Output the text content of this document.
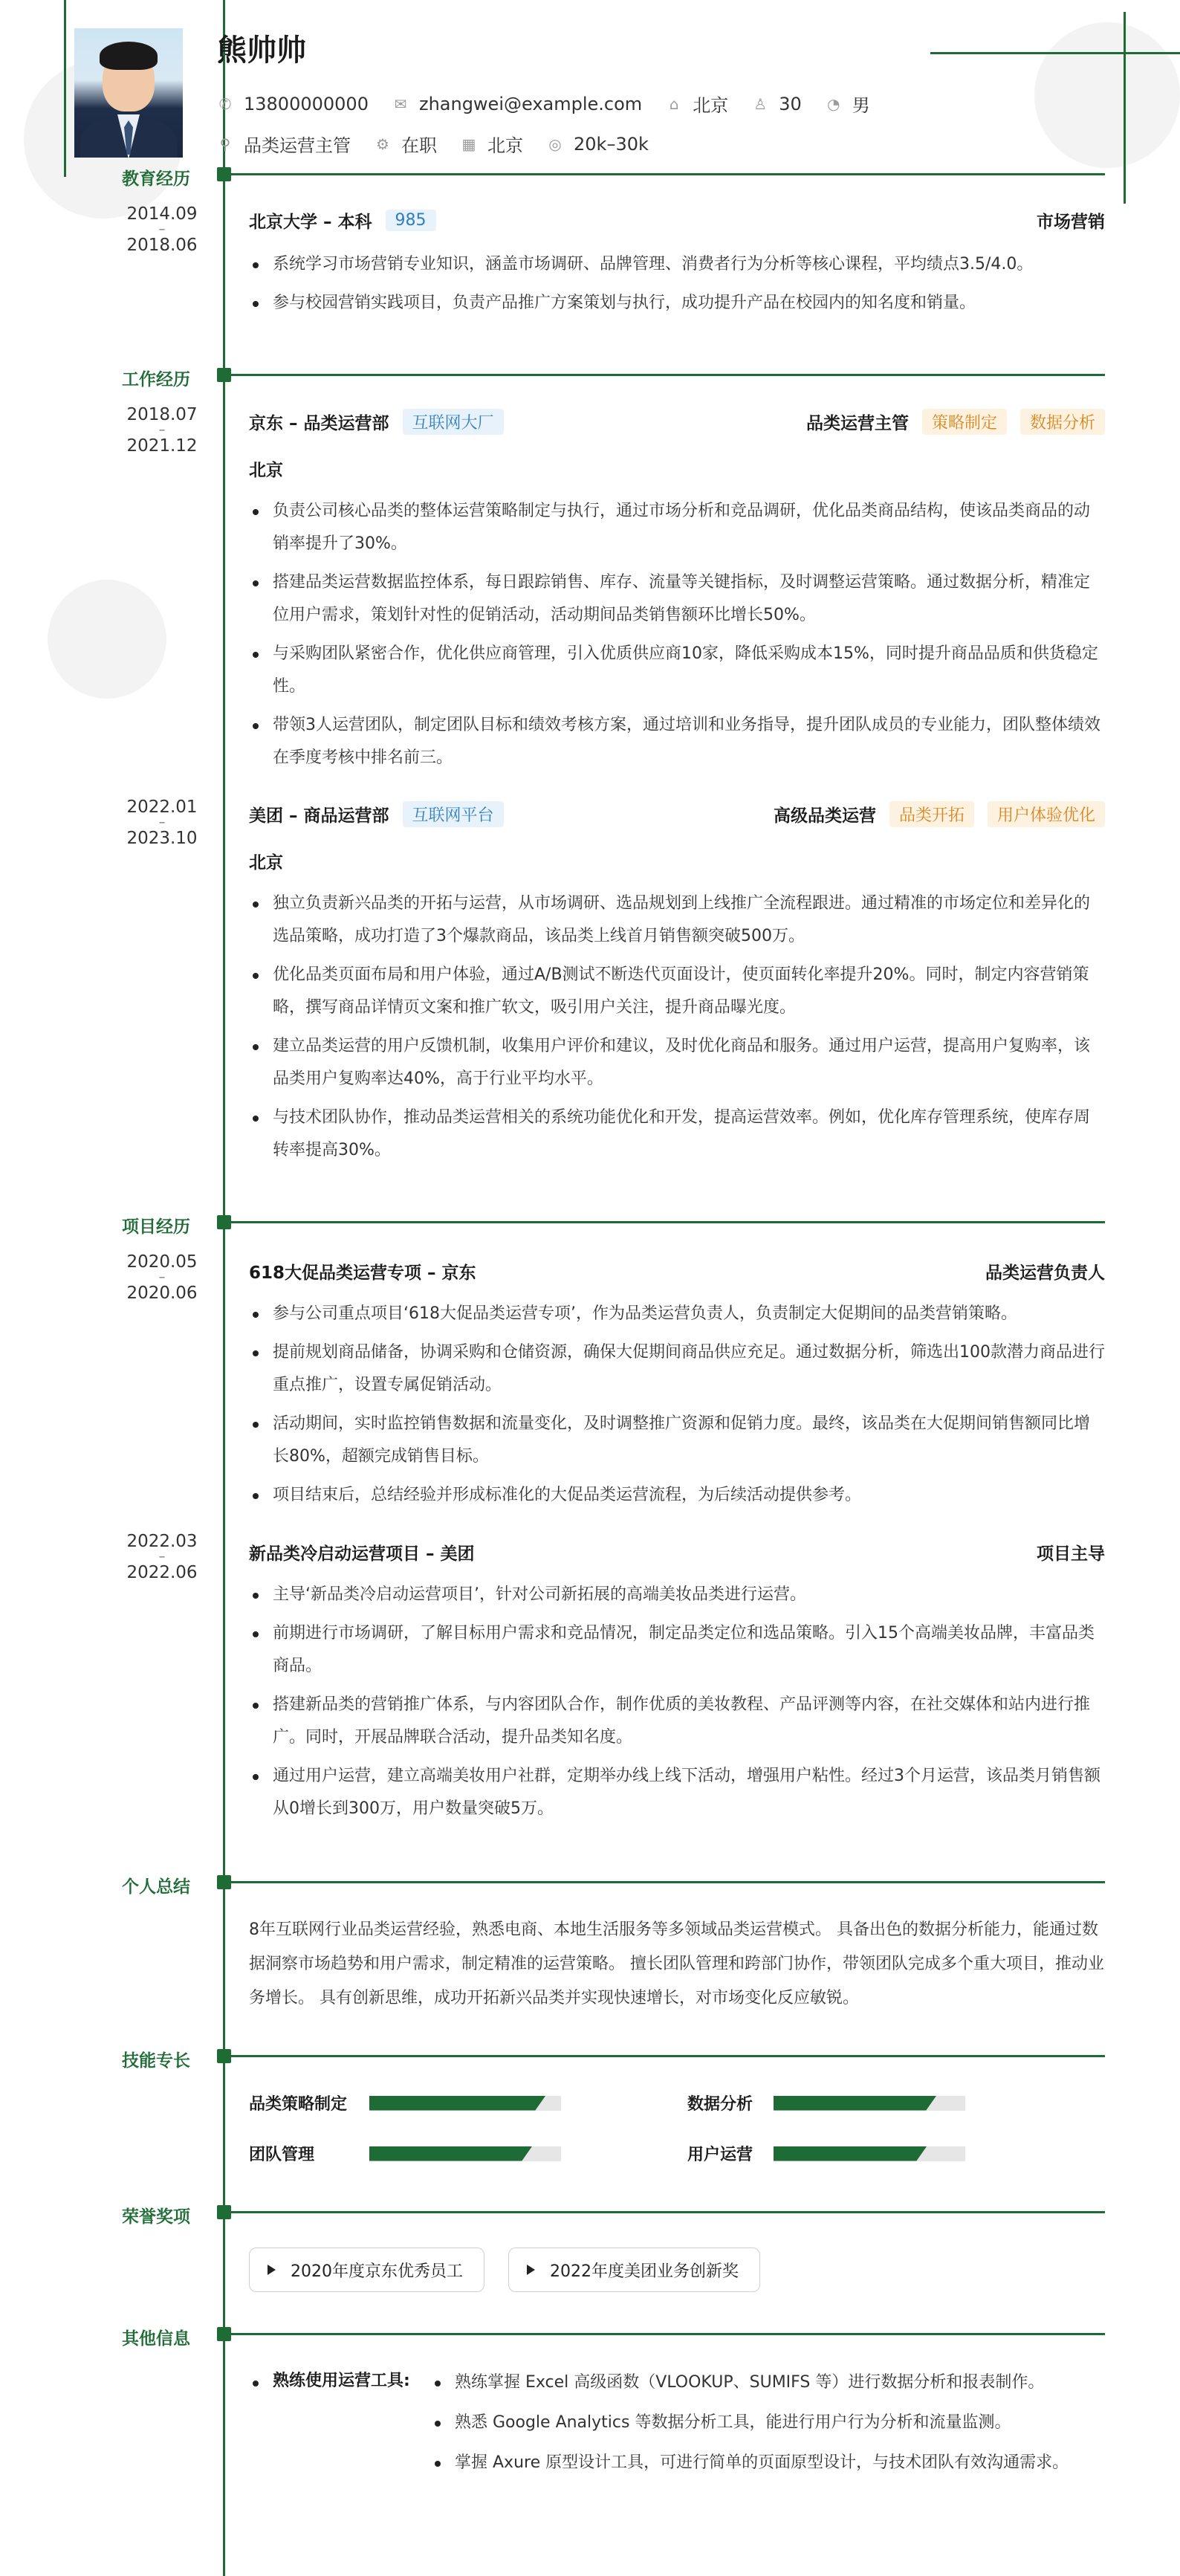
熊帅帅
✆ 13800000000 ✉ zhangwei@example.com ⌂ 北京 ♙ 30 ◔ 男
⚲ 品类运营主管 ⚙ 在职 ▦ 北京 ◎ 20k–30k
教育经历
2014.09
–
2018.06
北京大学 – 本科	985	市场营销
系统学习市场营销专业知识，涵盖市场调研、品牌管理、消费者行为分析等核心课程，平均绩点3.5/4.0。
参与校园营销实践项目，负责产品推广方案策划与执行，成功提升产品在校园内的知名度和销量。
工作经历
2018.07
–
2021.12
京东 – 品类运营部	互联网大厂	品类运营主管	策略制定	数据分析
北京
负责公司核心品类的整体运营策略制定与执行，通过市场分析和竞品调研，优化品类商品结构，使该品类商品的动销率提升了30%。
搭建品类运营数据监控体系，每日跟踪销售、库存、流量等关键指标，及时调整运营策略。通过数据分析，精准定位用户需求，策划针对性的促销活动，活动期间品类销售额环比增长50%。
与采购团队紧密合作，优化供应商管理，引入优质供应商10家，降低采购成本15%，同时提升商品品质和供货稳定性。
带领3人运营团队，制定团队目标和绩效考核方案，通过培训和业务指导，提升团队成员的专业能力，团队整体绩效在季度考核中排名前三。
2022.01
–
2023.10
美团 – 商品运营部	互联网平台	高级品类运营	品类开拓	用户体验优化
北京
独立负责新兴品类的开拓与运营，从市场调研、选品规划到上线推广全流程跟进。通过精准的市场定位和差异化的选品策略，成功打造了3个爆款商品，该品类上线首月销售额突破500万。
优化品类页面布局和用户体验，通过A/B测试不断迭代页面设计，使页面转化率提升20%。同时，制定内容营销策略，撰写商品详情页文案和推广软文，吸引用户关注，提升商品曝光度。
建立品类运营的用户反馈机制，收集用户评价和建议，及时优化商品和服务。通过用户运营，提高用户复购率，该品类用户复购率达40%，高于行业平均水平。
与技术团队协作，推动品类运营相关的系统功能优化和开发，提高运营效率。例如，优化库存管理系统，使库存周转率提高30%。
项目经历
2020.05
–
2020.06
618大促品类运营专项 – 京东	品类运营负责人
参与公司重点项目‘618大促品类运营专项’，作为品类运营负责人，负责制定大促期间的品类营销策略。
提前规划商品储备，协调采购和仓储资源，确保大促期间商品供应充足。通过数据分析，筛选出100款潜力商品进行重点推广，设置专属促销活动。
活动期间，实时监控销售数据和流量变化，及时调整推广资源和促销力度。最终，该品类在大促期间销售额同比增长80%，超额完成销售目标。
项目结束后，总结经验并形成标准化的大促品类运营流程，为后续活动提供参考。
2022.03
–
2022.06
新品类冷启动运营项目 – 美团	项目主导
主导‘新品类冷启动运营项目’，针对公司新拓展的高端美妆品类进行运营。
前期进行市场调研，了解目标用户需求和竞品情况，制定品类定位和选品策略。引入15个高端美妆品牌，丰富品类商品。
搭建新品类的营销推广体系，与内容团队合作，制作优质的美妆教程、产品评测等内容，在社交媒体和站内进行推广。同时，开展品牌联合活动，提升品类知名度。
通过用户运营，建立高端美妆用户社群，定期举办线上线下活动，增强用户粘性。经过3个月运营，该品类月销售额从0增长到300万，用户数量突破5万。
个人总结
8年互联网行业品类运营经验，熟悉电商、本地生活服务等多领域品类运营模式。 具备出色的数据分析能力，能通过数据洞察市场趋势和用户需求，制定精准的运营策略。 擅长团队管理和跨部门协作，带领团队完成多个重大项目，推动业务增长。 具有创新思维，成功开拓新兴品类并实现快速增长，对市场变化反应敏锐。
技能专长
品类策略制定	数据分析
团队管理	用户运营
荣誉奖项
2020年度京东优秀员工	2022年度美团业务创新奖
其他信息
熟练使用运营工具:	熟练掌握 Excel 高级函数（VLOOKUP、SUMIFS 等）进行数据分析和报表制作。
熟悉 Google Analytics 等数据分析工具，能进行用户行为分析和流量监测。
掌握 Axure 原型设计工具，可进行简单的页面原型设计，与技术团队有效沟通需求。
